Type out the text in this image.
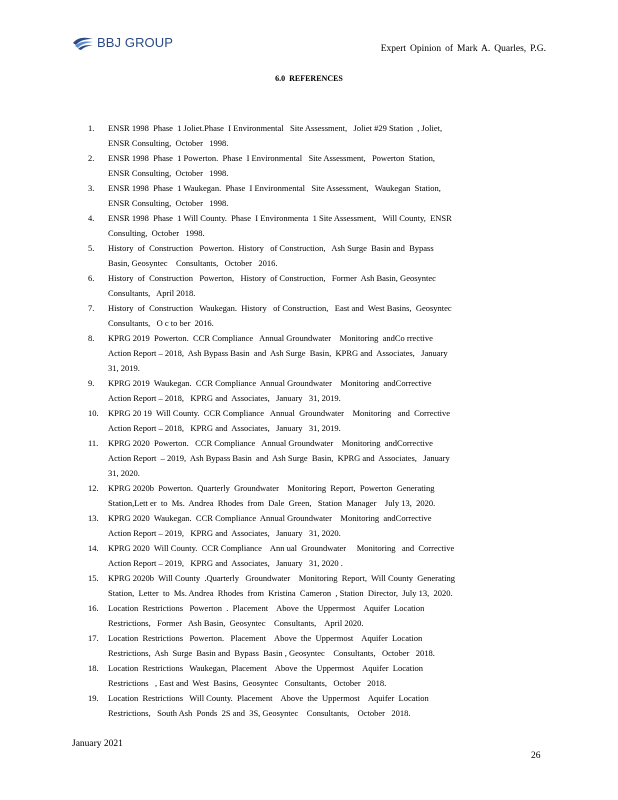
BBJ GROUP	Expert Opinion of Mark A. Quarles, P.G.
6.0 REFERENCES
1.	ENSR 1998  Phase  1 Joliet.Phase  I Environmental   Site Assessment,   Joliet #29 Station  , Joliet,
ENSR Consulting,  October   1998.
2.	ENSR 1998  Phase  1 Powerton.  Phase  I Environmental   Site Assessment,   Powerton  Station,
ENSR Consulting,  October   1998.
3.	ENSR 1998  Phase  1 Waukegan.  Phase  I Environmental   Site Assessment,   Waukegan  Station,
ENSR Consulting,  October   1998.
4.	ENSR 1998  Phase  1 Will County.  Phase  I Environmenta  1 Site Assessment,   Will County,  ENSR
Consulting,  October   1998.
5.	History  of  Construction   Powerton.  History   of Construction,   Ash Surge  Basin and  Bypass
Basin, Geosyntec    Consultants,   October   2016.
6.	History  of  Construction   Powerton,   History  of Construction,   Former  Ash Basin, Geosyntec
Consultants,   April 2018.
7.	History  of  Construction   Waukegan.  History   of Construction,   East and  West Basins,  Geosyntec
Consultants,   O c to ber  2016.
8.	KPRG 2019  Powerton.  CCR Compliance   Annual Groundwater    Monitoring  andCo rrective
Action Report – 2018,  Ash Bypass Basin  and  Ash Surge  Basin,  KPRG and  Associates,   January
31, 2019.
9.	KPRG 2019  Waukegan.  CCR Compliance  Annual Groundwater    Monitoring  andCorrective
Action Report – 2018,   KPRG and  Associates,   January   31, 2019.
10.	KPRG 20 19  Will County.  CCR Compliance   Annual  Groundwater    Monitoring   and  Corrective
Action Report – 2018,   KPRG and  Associates,   January   31, 2019.
11.	KPRG 2020  Powerton.   CCR Compliance   Annual Groundwater    Monitoring  andCorrective
Action Report  – 2019,  Ash Bypass Basin  and  Ash Surge  Basin,  KPRG and  Associates,   January
31, 2020.
12.	KPRG 2020b  Powerton.  Quarterly  Groundwater    Monitoring  Report,  Powerton  Generating
Station,Lett er  to  Ms.  Andrea  Rhodes  from  Dale  Green,   Station  Manager    July 13,  2020.
13.	KPRG 2020  Waukegan.  CCR Compliance  Annual Groundwater    Monitoring  andCorrective
Action Report – 2019,   KPRG and  Associates,   January   31, 2020.
14.	KPRG 2020  Will County.  CCR Compliance    Ann ual  Groundwater     Monitoring   and  Corrective
Action Report – 2019,   KPRG and  Associates,   January   31, 2020 .
15.	KPRG 2020b  Will County  .Quarterly   Groundwater    Monitoring  Report,  Will County  Generating
Station,  Letter  to  Ms. Andrea  Rhodes  from  Kristina  Cameron  , Station  Director,  July 13,  2020.
16.	Location  Restrictions   Powerton  .  Placement    Above  the  Uppermost    Aquifer  Location
Restrictions,   Former   Ash Basin,  Geosyntec    Consultants,    April 2020.
17.	Location  Restrictions   Powerton.   Placement    Above  the  Uppermost    Aquifer  Location
Restrictions,  Ash  Surge  Basin and  Bypass  Basin , Geosyntec    Consultants,   October   2018.
18.	Location  Restrictions   Waukegan,  Placement    Above  the  Uppermost    Aquifer  Location
Restrictions   , East and  West  Basins,  Geosyntec   Consultants,   October   2018.
19.	Location  Restrictions   Will County.  Placement    Above  the  Uppermost    Aquifer  Location
Restrictions,   South Ash  Ponds  2S and  3S, Geosyntec    Consultants,    October   2018.
January 2021
26
